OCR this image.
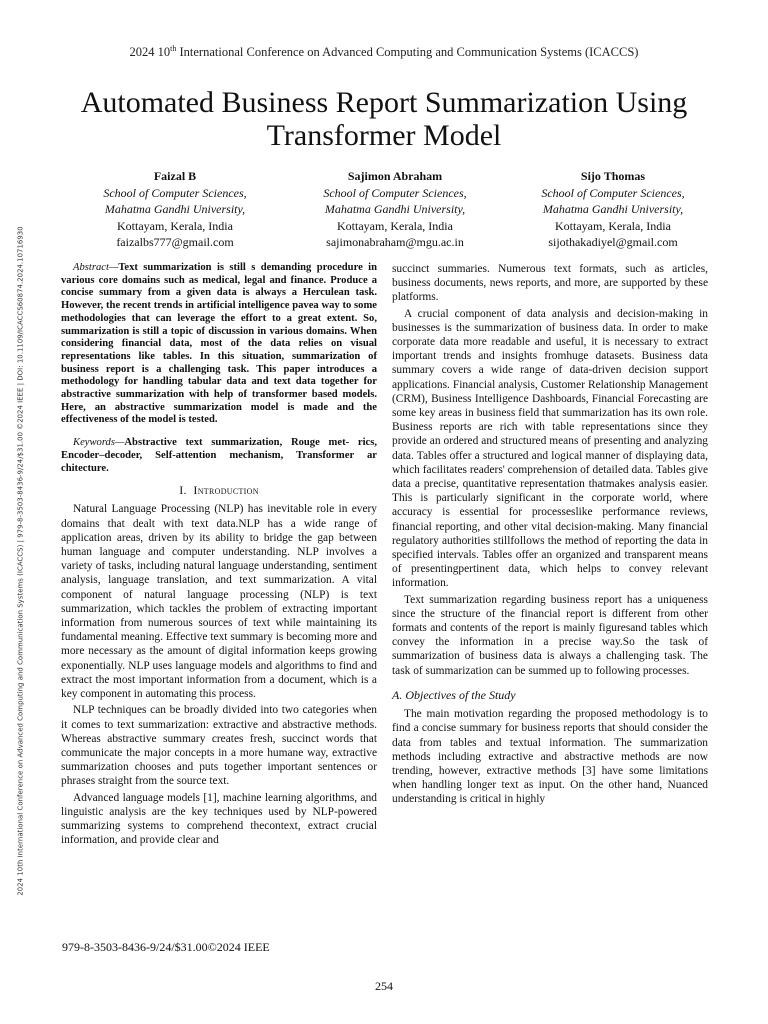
2024 10th International Conference on Advanced Computing and Communication Systems (ICACCS)
Automated Business Report Summarization Using Transformer Model
2024 10th International Conference on Advanced Computing and Communication Systems (ICACCS) | 979-8-3503-8436-9/24/$31.00 ©2024 IEEE | DOI: 10.1109/ICACCS60874.2024.10716930
Faizal B
School of Computer Sciences,
Mahatma Gandhi University,
Kottayam, Kerala, India
faizalbs777@gmail.com
Sajimon Abraham
School of Computer Sciences,
Mahatma Gandhi University,
Kottayam, Kerala, India
sajimonabraham@mgu.ac.in
Sijo Thomas
School of Computer Sciences,
Mahatma Gandhi University,
Kottayam, Kerala, India
sijothakadiyel@gmail.com

Abstract—Text summarization is still s demanding procedure in various core domains such as medical, legal and finance. Produce a concise summary from a given data is always a Herculean task. However, the recent trends in artificial intelligence pavea way to some methodologies that can leverage the effort to a great extent. So, summarization is still a topic of discussion in various domains. When considering financial data, most of the data relies on visual representations like tables. In this situation, summarization of business report is a challenging task. This paper introduces a methodology for handling tabular data and text data together for abstractive summarization with help of transformer based models. Here, an abstractive summarization model is made and the effectiveness of the model is tested.

Keywords—Abstractive text summarization, Rouge met- rics, Encoder–decoder, Self-attention mechanism, Transformer ar chitecture.

I. Introduction

Natural Language Processing (NLP) has inevitable role in every domains that dealt with text data.NLP has a wide range of application areas, driven by its ability to bridge the gap between human language and computer understanding. NLP involves a variety of tasks, including natural language understanding, sentiment analysis, language translation, and text summarization. A vital component of natural language processing (NLP) is text summarization, which tackles the problem of extracting important information from numerous sources of text while maintaining its fundamental meaning. Effective text summary is becoming more and more necessary as the amount of digital information keeps growing exponentially. NLP uses language models and algorithms to find and extract the most important information from a document, which is a key component in automating this process.

NLP techniques can be broadly divided into two categories when it comes to text summarization: extractive and abstractive methods. Whereas abstractive summary creates fresh, succinct words that communicate the major concepts in a more humane way, extractive summarization chooses and puts together important sentences or phrases straight from the source text.

Advanced language models [1], machine learning algorithms, and linguistic analysis are the key techniques used by NLP-powered summarizing systems to comprehend thecontext, extract crucial information, and provide clear and

succinct summaries. Numerous text formats, such as articles, business documents, news reports, and more, are supported by these platforms.

A crucial component of data analysis and decision-making in businesses is the summarization of business data. In order to make corporate data more readable and useful, it is necessary to extract important trends and insights fromhuge datasets. Business data summary covers a wide range of data-driven decision support applications. Financial analysis, Customer Relationship Management (CRM), Business Intelligence Dashboards, Financial Forecasting are some key areas in business field that summarization has its own role. Business reports are rich with table representations since they provide an ordered and structured means of presenting and analyzing data. Tables offer a structured and logical manner of displaying data, which facilitates readers' comprehension of detailed data. Tables give data a precise, quantitative representation thatmakes analysis easier. This is particularly significant in the corporate world, where accuracy is essential for processeslike performance reviews, financial reporting, and other vital decision-making. Many financial regulatory authorities stillfollows the method of reporting the data in specified intervals. Tables offer an organized and transparent means of presentingpertinent data, which helps to convey relevant information.

Text summarization regarding business report has a uniqueness since the structure of the financial report is different from other formats and contents of the report is mainly figuresand tables which convey the information in a precise way.So the task of summarization of business data is always a challenging task. The task of summarization can be summed up to following processes.

A. Objectives of the Study

The main motivation regarding the proposed methodology is to find a concise summary for business reports that should consider the data from tables and textual information. The summarization methods including extractive and abstractive methods are now trending, however, extractive methods [3] have some limitations when handling longer text as input. On the other hand, Nuanced understanding is critical in highly

979-8-3503-8436-9/24/$31.00©2024 IEEE
254
